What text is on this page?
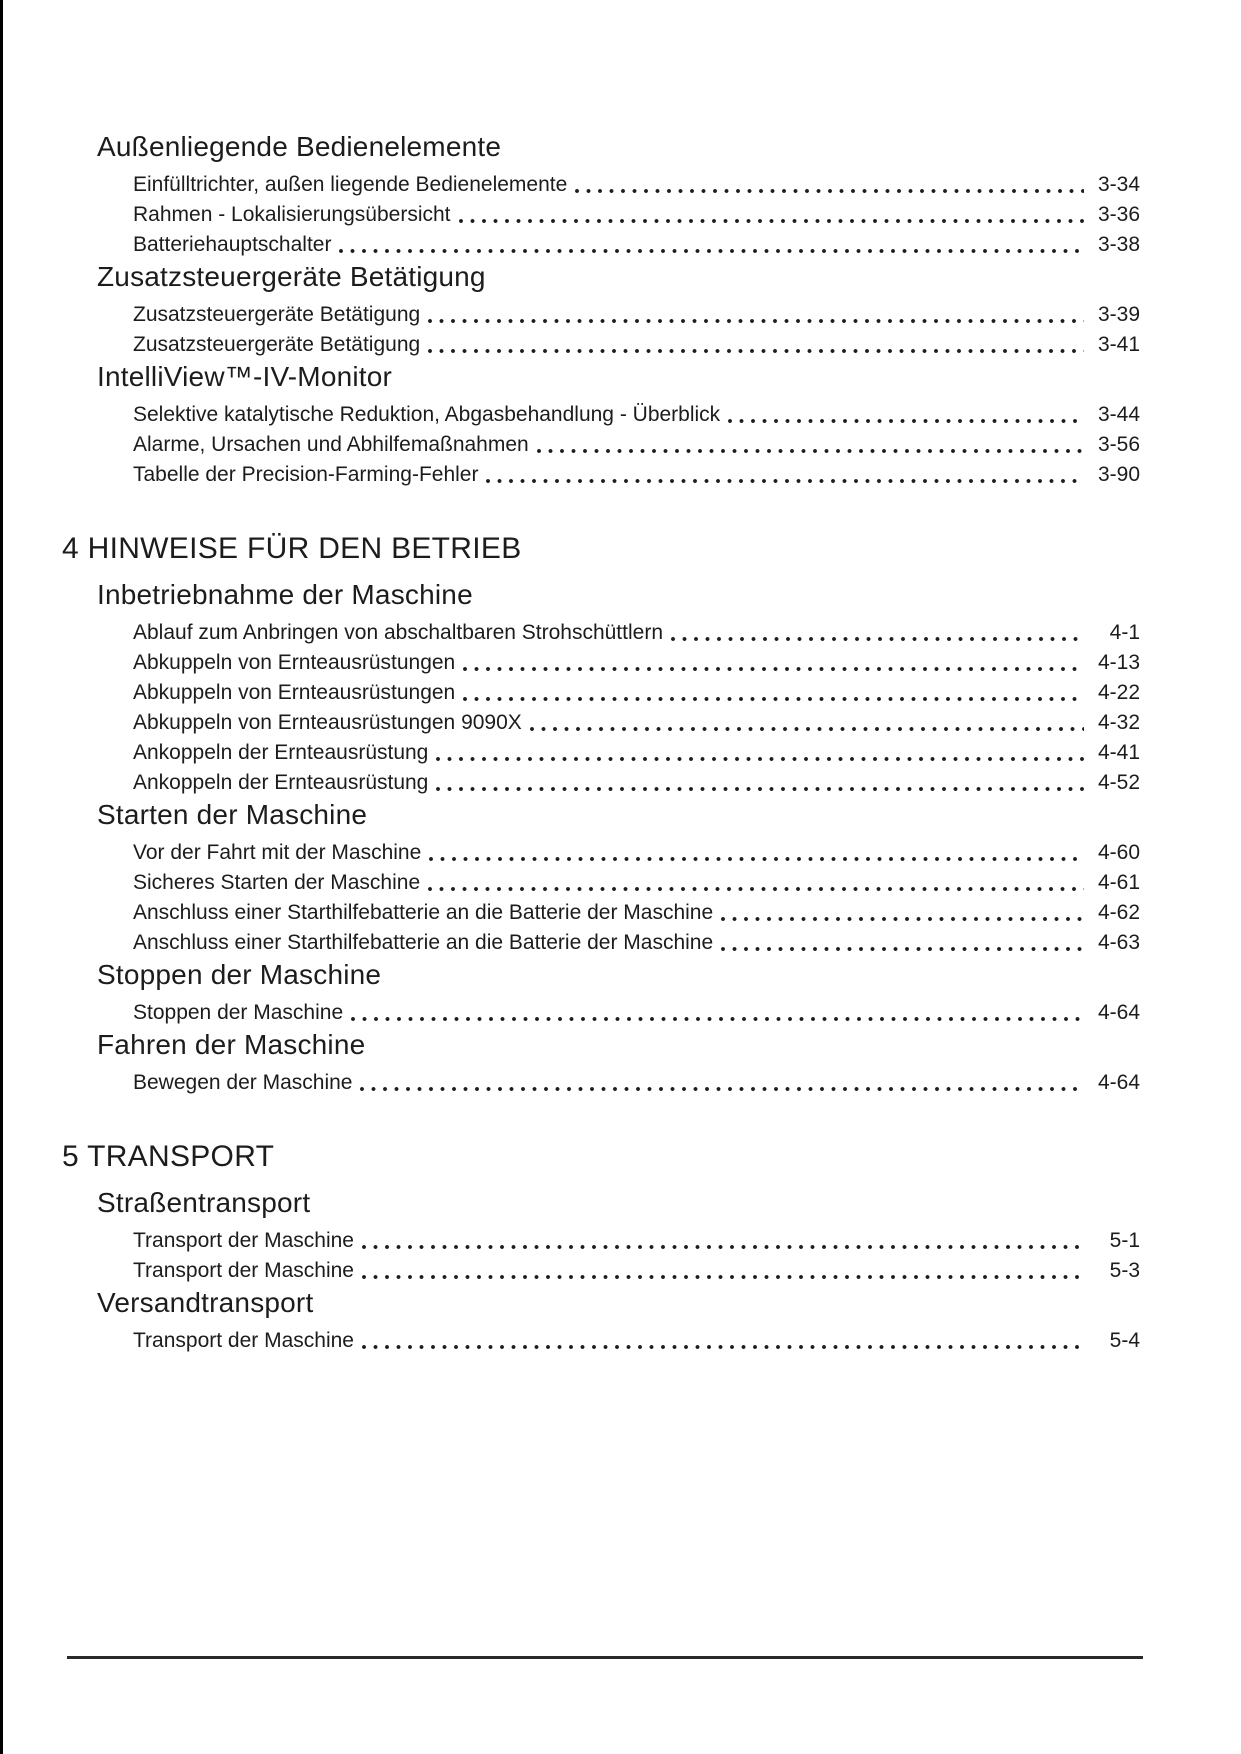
Außenliegende Bedienelemente
Einfülltrichter, außen liegende Bedienelemente	3-34
Rahmen - Lokalisierungsübersicht	3-36
Batteriehauptschalter	3-38
Zusatzsteuergeräte Betätigung
Zusatzsteuergeräte Betätigung	3-39
Zusatzsteuergeräte Betätigung	3-41
IntelliView™-IV-Monitor
Selektive katalytische Reduktion, Abgasbehandlung - Überblick	3-44
Alarme, Ursachen und Abhilfemaßnahmen	3-56
Tabelle der Precision-Farming-Fehler	3-90
4 HINWEISE FÜR DEN BETRIEB
Inbetriebnahme der Maschine
Ablauf zum Anbringen von abschaltbaren Strohschüttlern	4-1
Abkuppeln von Ernteausrüstungen	4-13
Abkuppeln von Ernteausrüstungen	4-22
Abkuppeln von Ernteausrüstungen 9090X	4-32
Ankoppeln der Ernteausrüstung	4-41
Ankoppeln der Ernteausrüstung	4-52
Starten der Maschine
Vor der Fahrt mit der Maschine	4-60
Sicheres Starten der Maschine	4-61
Anschluss einer Starthilfebatterie an die Batterie der Maschine	4-62
Anschluss einer Starthilfebatterie an die Batterie der Maschine	4-63
Stoppen der Maschine
Stoppen der Maschine	4-64
Fahren der Maschine
Bewegen der Maschine	4-64
5 TRANSPORT
Straßentransport
Transport der Maschine	5-1
Transport der Maschine	5-3
Versandtransport
Transport der Maschine	5-4
